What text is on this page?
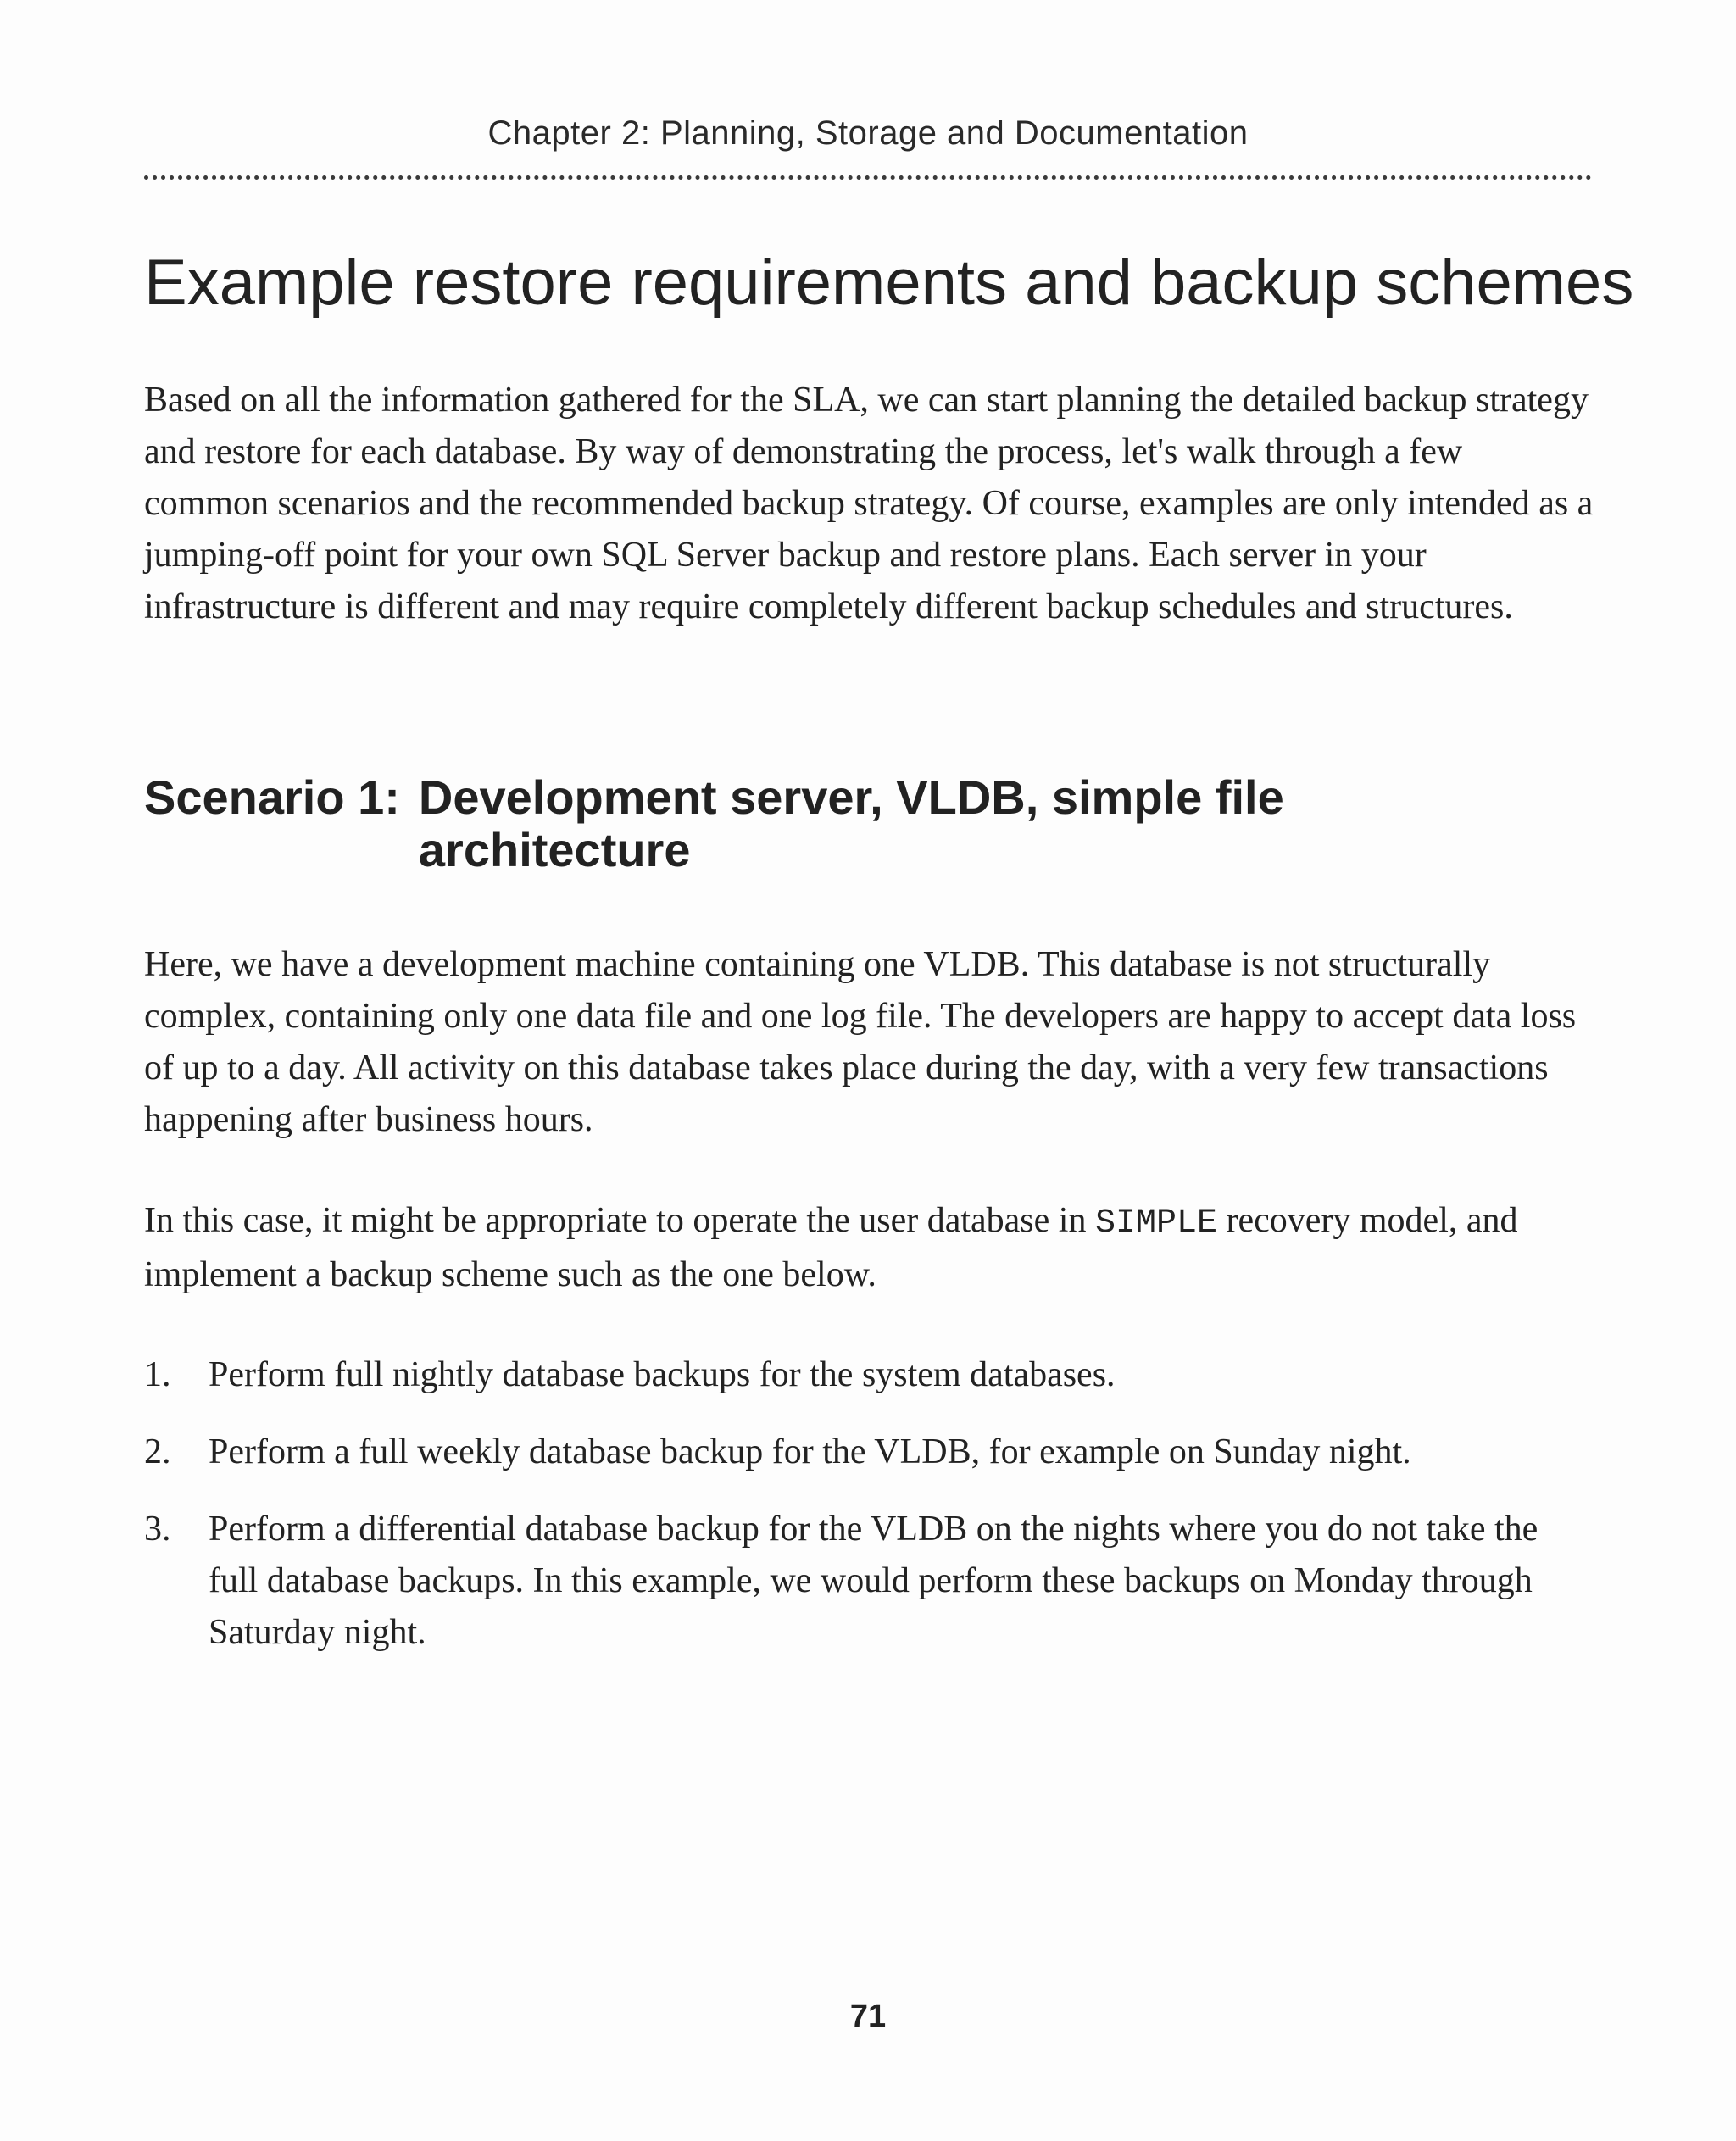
Chapter 2: Planning, Storage and Documentation
Example restore requirements and backup schemes

Based on all the information gathered for the SLA, we can start planning the detailed backup strategy and restore for each database. By way of demonstrating the process, let's walk through a few common scenarios and the recommended backup strategy. Of course, examples are only intended as a jumping-off point for your own SQL Server backup and restore plans. Each server in your infrastructure is different and may require completely different backup schedules and structures.

Scenario 1: Development server, VLDB, simple file architecture

Here, we have a development machine containing one VLDB. This database is not structurally complex, containing only one data file and one log file. The developers are happy to accept data loss of up to a day. All activity on this database takes place during the day, with a very few transactions happening after business hours.

In this case, it might be appropriate to operate the user database in SIMPLE recovery model, and implement a backup scheme such as the one below.

1.	Perform full nightly database backups for the system databases.
2.	Perform a full weekly database backup for the VLDB, for example on Sunday night.
3.	Perform a differential database backup for the VLDB on the nights where you do not take the full database backups. In this example, we would perform these backups on Monday through Saturday night.
71
